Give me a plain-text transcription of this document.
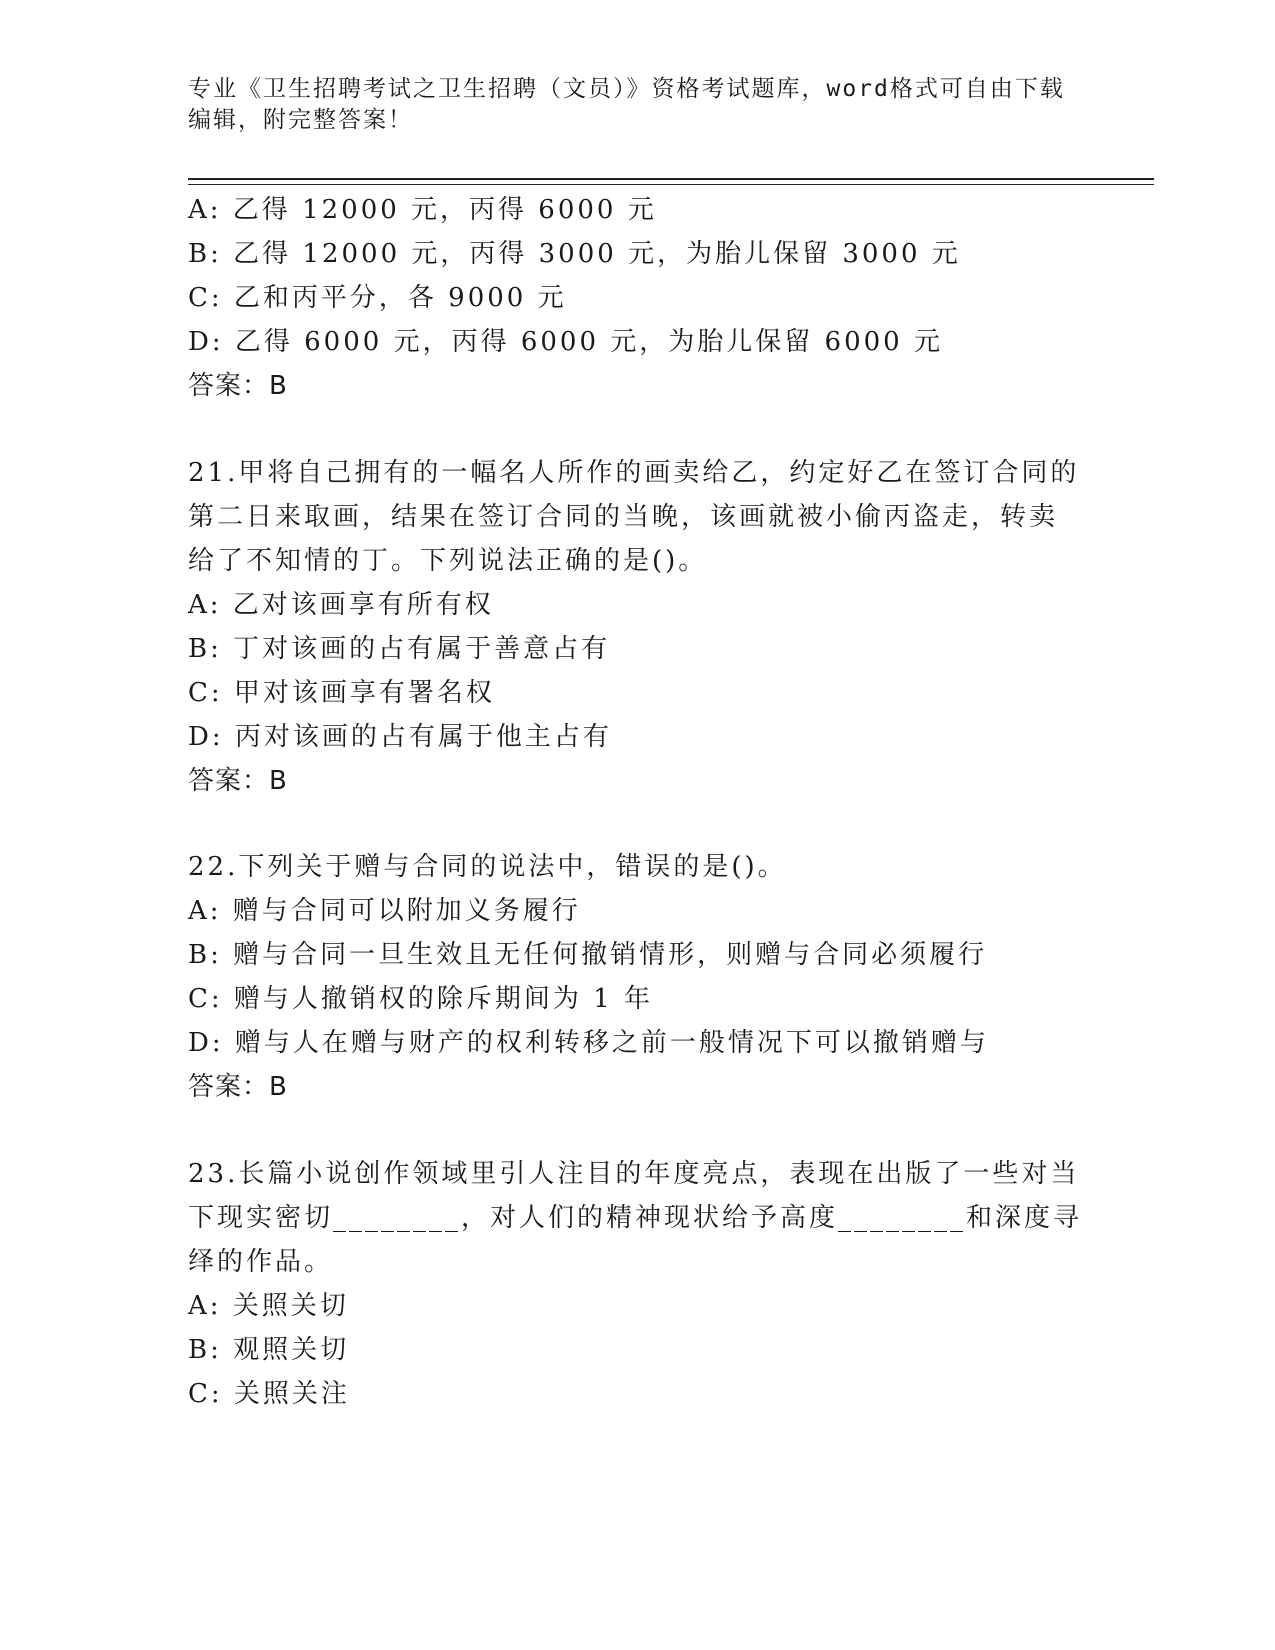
专业《卫生招聘考试之卫生招聘（文员）》资格考试题库，word格式可自由下载
编辑，附完整答案！
A: 乙得 12000 元，丙得 6000 元
B: 乙得 12000 元，丙得 3000 元，为胎儿保留 3000 元
C: 乙和丙平分，各 9000 元
D: 乙得 6000 元，丙得 6000 元，为胎儿保留 6000 元
答案：B
21.甲将自己拥有的一幅名人所作的画卖给乙，约定好乙在签订合同的
第二日来取画，结果在签订合同的当晚，该画就被小偷丙盗走，转卖
给了不知情的丁。下列说法正确的是()。
A: 乙对该画享有所有权
B: 丁对该画的占有属于善意占有
C: 甲对该画享有署名权
D: 丙对该画的占有属于他主占有
答案：B
22.下列关于赠与合同的说法中，错误的是()。
A: 赠与合同可以附加义务履行
B: 赠与合同一旦生效且无任何撤销情形，则赠与合同必须履行
C: 赠与人撤销权的除斥期间为 1 年
D: 赠与人在赠与财产的权利转移之前一般情况下可以撤销赠与
答案：B
23.长篇小说创作领域里引人注目的年度亮点，表现在出版了一些对当
下现实密切________，对人们的精神现状给予高度________和深度寻
绎的作品。
A: 关照关切
B: 观照关切
C: 关照关注
